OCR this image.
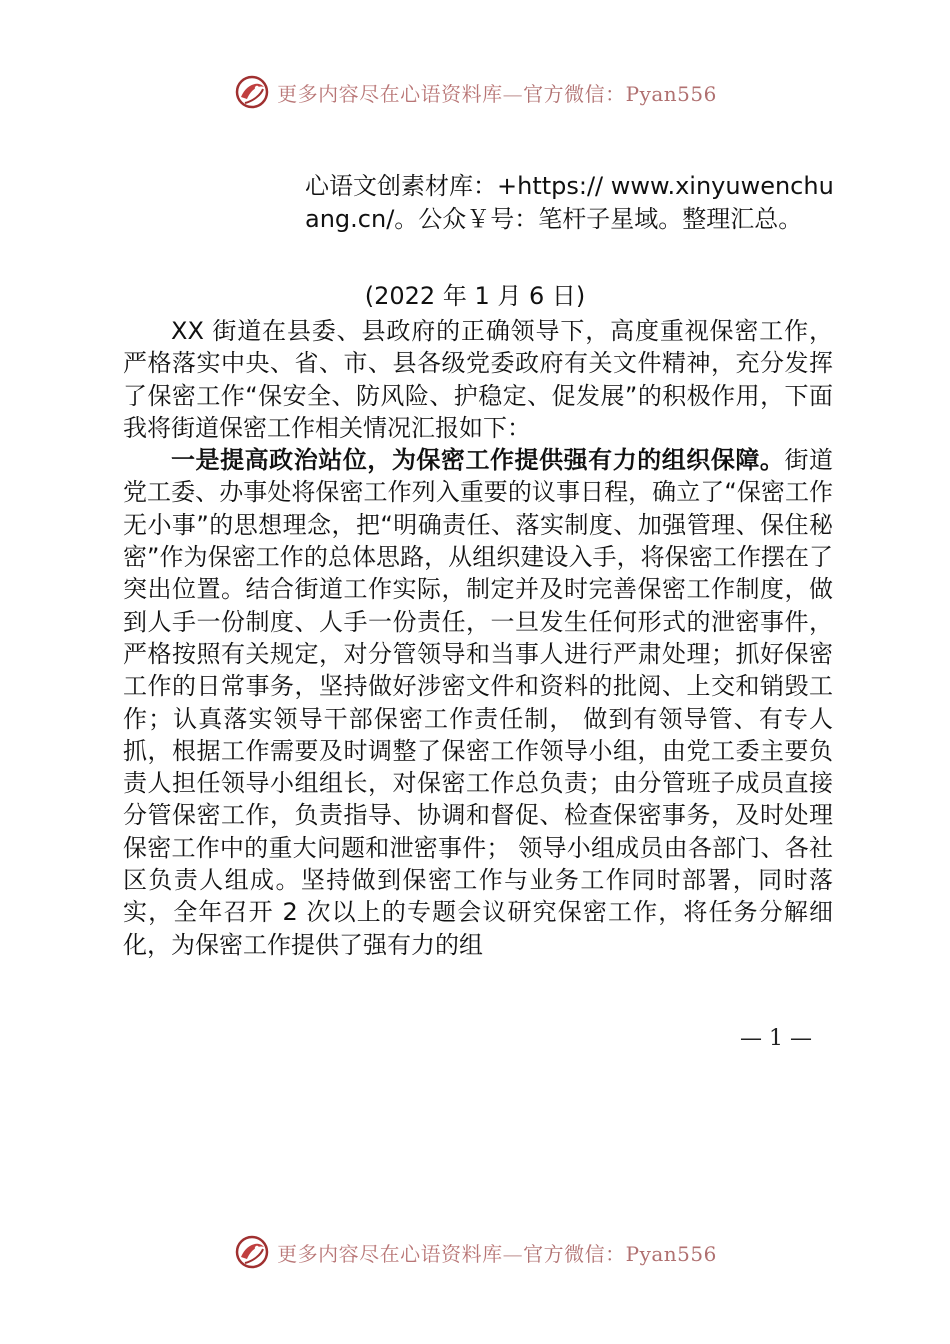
更多内容尽在心语资料库—官方微信：Pyan556
心语文创素材库：+https:// www.xinyuwenchuang.cn/。公众￥号：笔杆子星域。整理汇总。
(2022 年 1 月 6 日)

XX 街道在县委、县政府的正确领导下，高度重视保密工作，严格落实中央、省、市、县各级党委政府有关文件精神，充分发挥了保密工作“保安全、防风险、护稳定、促发展”的积极作用，下面我将街道保密工作相关情况汇报如下：

一是提高政治站位，为保密工作提供强有力的组织保障。街道党工委、办事处将保密工作列入重要的议事日程，确立了“保密工作无小事”的思想理念，把“明确责任、落实制度、加强管理、保住秘密”作为保密工作的总体思路，从组织建设入手，将保密工作摆在了突出位置。结合街道工作实际，制定并及时完善保密工作制度，做到人手一份制度、人手一份责任，一旦发生任何形式的泄密事件，严格按照有关规定，对分管领导和当事人进行严肃处理；抓好保密工作的日常事务，坚持做好涉密文件和资料的批阅、上交和销毁工作；认真落实领导干部保密工作责任制， 做到有领导管、有专人抓，根据工作需要及时调整了保密工作领导小组，由党工委主要负责人担任领导小组组长，对保密工作总负责；由分管班子成员直接分管保密工作，负责指导、协调和督促、检查保密事务，及时处理保密工作中的重大问题和泄密事件； 领导小组成员由各部门、各社区负责人组成。坚持做到保密工作与业务工作同时部署，同时落实，全年召开 2 次以上的专题会议研究保密工作，将任务分解细化，为保密工作提供了强有力的组

— 1 —
更多内容尽在心语资料库—官方微信：Pyan556
